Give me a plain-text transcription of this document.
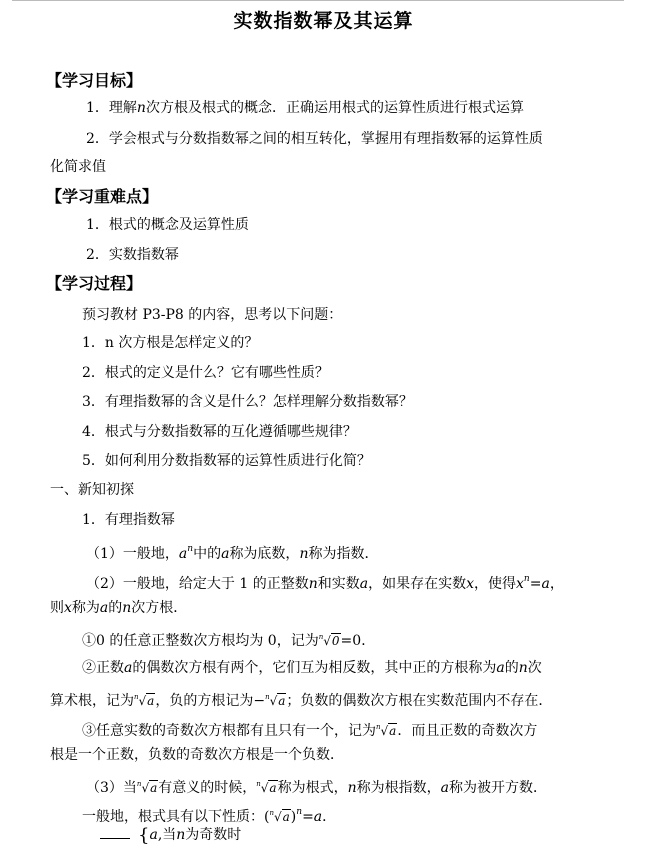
实数指数幂及其运算
【学习目标】
1．理解n次方根及根式的概念．正确运用根式的运算性质进行根式运算
2．学会根式与分数指数幂之间的相互转化，掌握用有理指数幂的运算性质
化简求值
【学习重难点】
1．根式的概念及运算性质
2．实数指数幂
【学习过程】
预习教材 P3-P8 的内容，思考以下问题：
1．n 次方根是怎样定义的？
2．根式的定义是什么？它有哪些性质？
3．有理指数幂的含义是什么？怎样理解分数指数幂？
4．根式与分数指数幂的互化遵循哪些规律？
5．如何利用分数指数幂的运算性质进行化简？
一、新知初探
1．有理指数幂
（1）一般地，$a^n$中的a称为底数，n称为指数．
（2）一般地，给定大于 1 的正整数n和实数a，如果存在实数x，使得$x^n=a$，
则x称为a的n次方根．
①0 的任意正整数次方根均为 0，记为$^n$√0=0．
②正数a的偶数次方根有两个，它们互为相反数，其中正的方根称为a的n次
算术根，记为$^n$√a，负的方根记为−$^n$√a；负数的偶数次方根在实数范围内不存在．
③任意实数的奇数次方根都有且只有一个，记为$^n$√a．而且正数的奇数次方
根是一个正数，负数的奇数次方根是一个负数．
（3）当$^n$√a有意义的时候，$^n$√a称为根式，n称为根指数，a称为被开方数．
一般地，根式具有以下性质：$(^n√a)^n=a$．
{a,当n为奇数时
